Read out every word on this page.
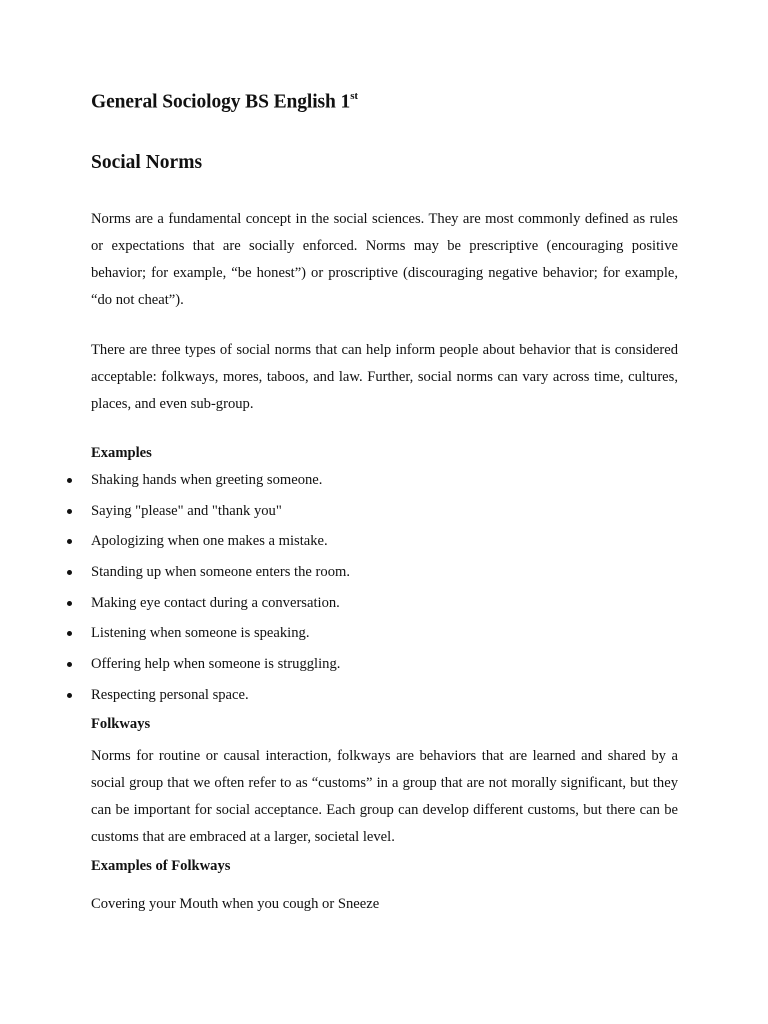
General Sociology BS English 1st
Social Norms

Norms are a fundamental concept in the social sciences. They are most commonly defined as rules or expectations that are socially enforced. Norms may be prescriptive (encouraging positive behavior; for example, “be honest”) or proscriptive (discouraging negative behavior; for example, “do not cheat”).

There are three types of social norms that can help inform people about behavior that is considered acceptable: folkways, mores, taboos, and law. Further, social norms can vary across time, cultures, places, and even sub-group.

Examples
Shaking hands when greeting someone.
Saying "please" and "thank you"
Apologizing when one makes a mistake.
Standing up when someone enters the room.
Making eye contact during a conversation.
Listening when someone is speaking.
Offering help when someone is struggling.
Respecting personal space.
Folkways

Norms for routine or causal interaction, folkways are behaviors that are learned and shared by a social group that we often refer to as “customs” in a group that are not morally significant, but they can be important for social acceptance. Each group can develop different customs, but there can be customs that are embraced at a larger, societal level.

Examples of Folkways

Covering your Mouth when you cough or Sneeze
